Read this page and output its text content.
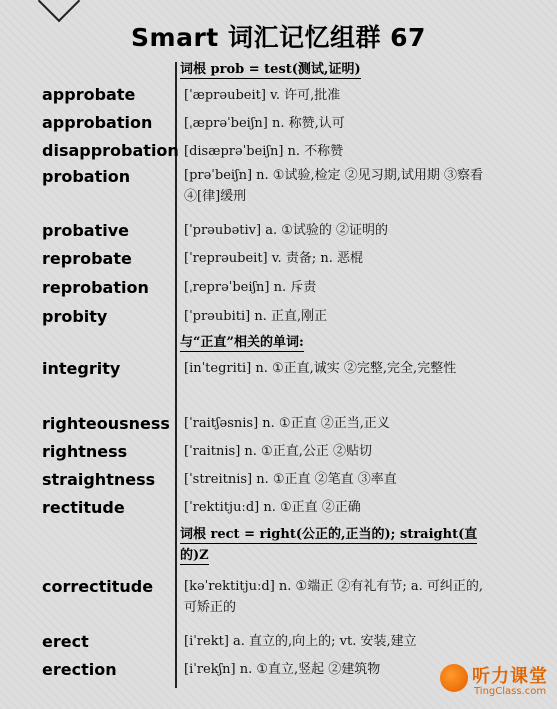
Smart 词汇记忆组群 67
词根 prob = test(测试,证明)
approbate	[ˈæprəubeit] v. 许可,批准
approbation [ˌæprəˈbeiʃn] n. 称赞,认可
disapprobation [disæprəˈbeiʃn] n. 不称赞
probation	[prəˈbeiʃn] n. ①试验,检定 ②见习期,试用期 ③察看 ④[律]缓刑
probative	[ˈprəubətiv] a. ①试验的 ②证明的
reprobate	[ˈreprəubeit] v. 责备; n. 恶棍
reprobation	[ˌreprəˈbeiʃn] n. 斥责
probity	[ˈprəubiti] n. 正直,刚正
与“正直”相关的单词:
integrity	[inˈtegriti] n. ①正直,诚实 ②完整,完全,完整性
righteousness [ˈraitʃəsnis] n. ①正直 ②正当,正义
rightness	[ˈraitnis] n. ①正直,公正 ②贴切
straightness [ˈstreitnis] n. ①正直 ②笔直 ③率直
rectitude	[ˈrektitjuːd] n. ①正直 ②正确
词根 rect = right(公正的,正当的); straight(直的)Z
correctitude [kəˈrektitjuːd] n. ①端正 ②有礼有节; a. 可纠正的,可矫正的
erect	[iˈrekt] a. 直立的,向上的; vt. 安装,建立
erection	[iˈrekʃn] n. ①直立,竖起 ②建筑物	听力课堂
TingClass.com
